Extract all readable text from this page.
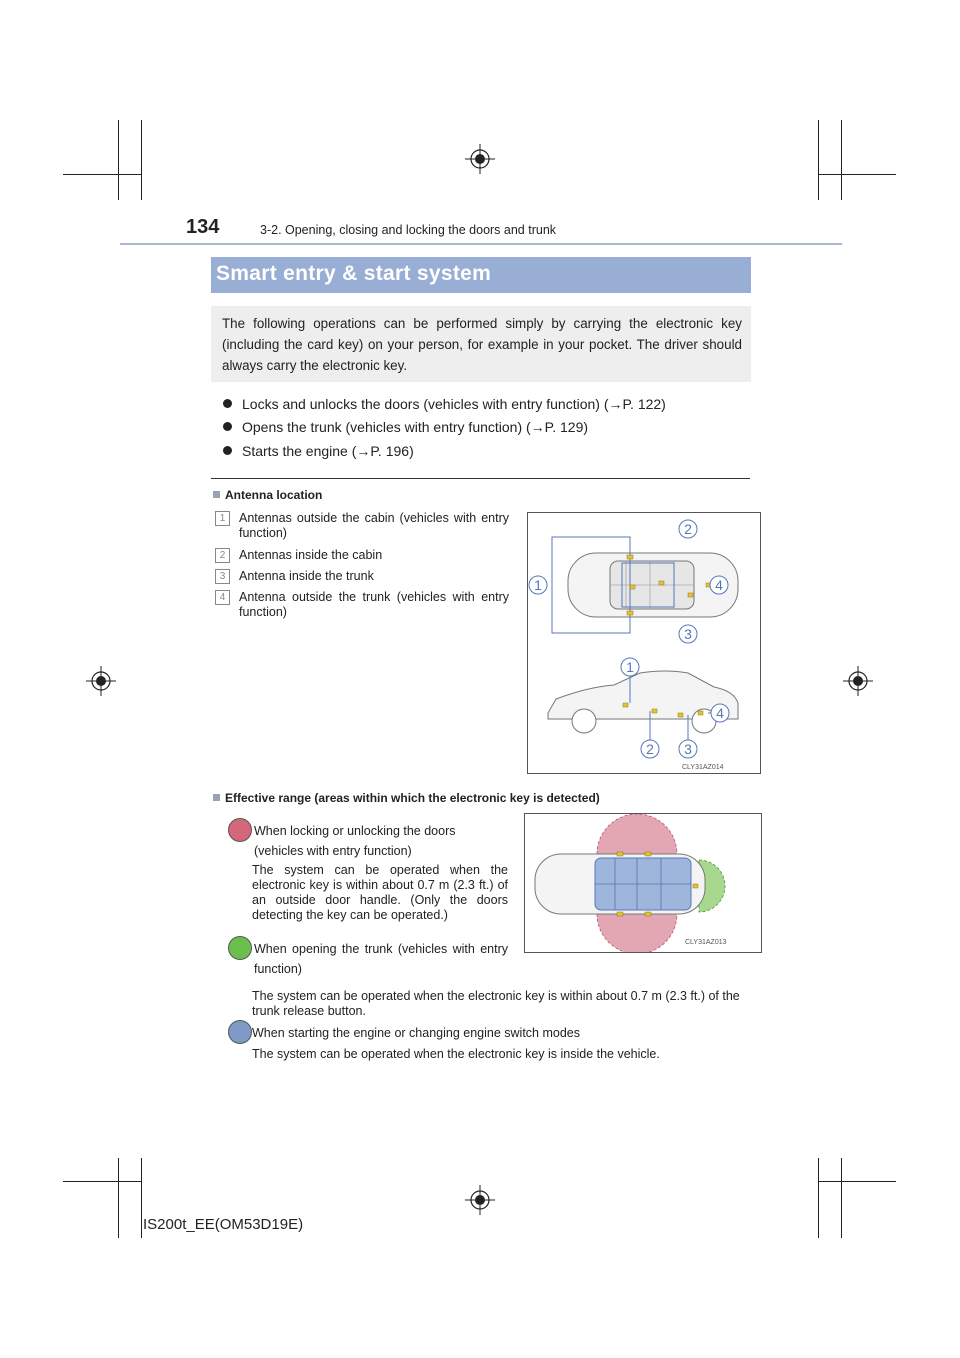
134	3-2. Opening, closing and locking the doors and trunk
Smart entry & start system
The following operations can be performed simply by carrying the electronic key (including the card key) on your person, for example in your pocket. The driver should always carry the electronic key.
Locks and unlocks the doors (vehicles with entry function) (→P. 122)
Opens the trunk (vehicles with entry function) (→P. 129)
Starts the engine (→P. 196)
Antenna location
1	Antennas outside the cabin (vehicles with entry function)
2	Antennas inside the cabin
3	Antenna inside the trunk
4	Antenna outside the trunk (vehicles with entry function)
2
1	4
3
1
4
2 3
CLY31AZ014
Effective range (areas within which the electronic key is detected)
When locking or unlocking the doors (vehicles with entry function)
The system can be operated when the electronic key is within about 0.7 m (2.3 ft.) of an outside door handle. (Only the doors detecting the key can be operated.)
When opening the trunk (vehicles with entry function)
The system can be operated when the electronic key is within about 0.7 m (2.3 ft.) of the trunk release button.
When starting the engine or changing engine switch modes
The system can be operated when the electronic key is inside the vehicle.
CLY31AZ013
IS200t_EE(OM53D19E)
